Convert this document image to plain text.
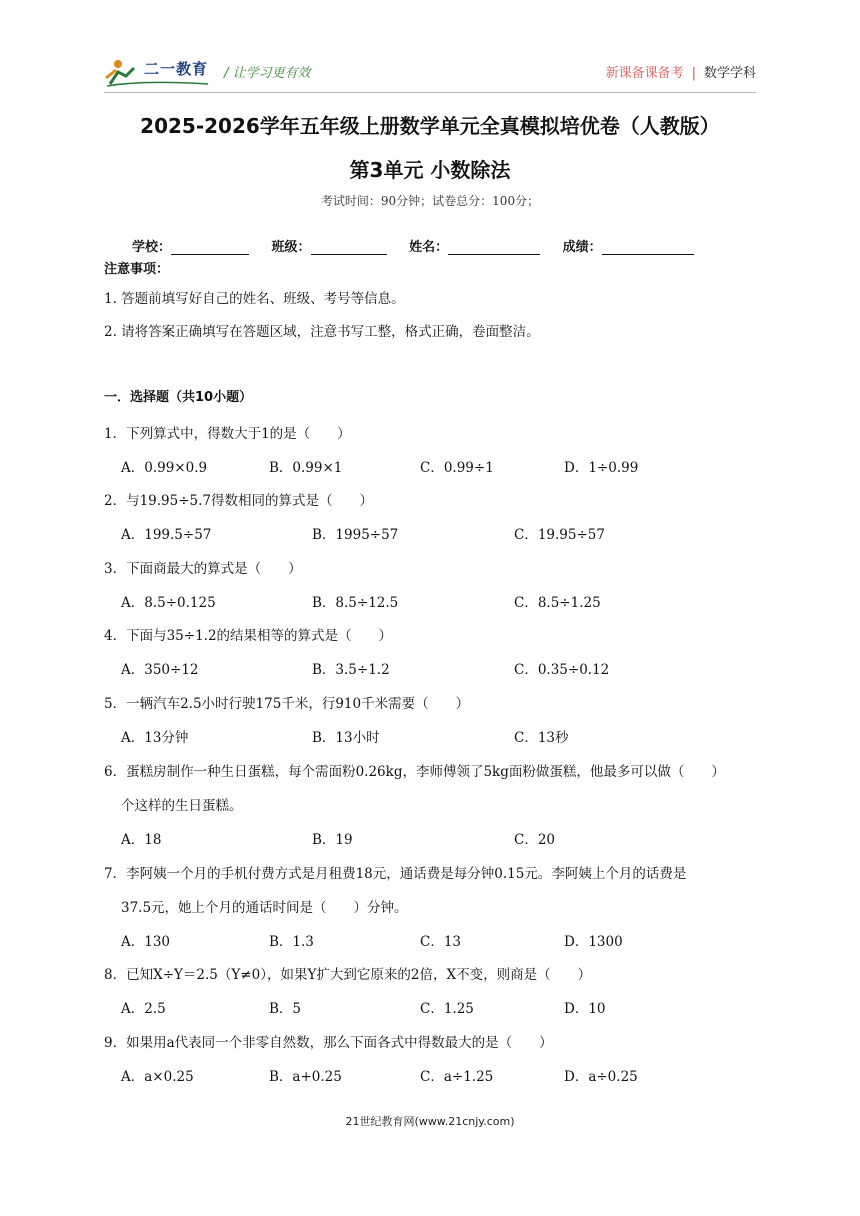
二一教育 / 让学习更有效	新课备课备考 | 数学学科
2025-2026学年五年级上册数学单元全真模拟培优卷（人教版）
第3单元 小数除法
考试时间：90分钟；试卷总分：100分；
学校：	班级：	姓名：	成绩：
注意事项：
1. 答题前填写好自己的姓名、班级、考号等信息。
2. 请将答案正确填写在答题区域，注意书写工整，格式正确，卷面整洁。
一．选择题（共10小题）
1．下列算式中，得数大于1的是（　　）
A．0.99×0.9	B．0.99×1	C．0.99÷1	D．1÷0.99
2．与19.95÷5.7得数相同的算式是（　　）
A．199.5÷57	B．1995÷57	C．19.95÷57
3．下面商最大的算式是（　　）
A．8.5÷0.125	B．8.5÷12.5	C．8.5÷1.25
4．下面与35÷1.2的结果相等的算式是（　　）
A．350÷12	B．3.5÷1.2	C．0.35÷0.12
5．一辆汽车2.5小时行驶175千米，行910千米需要（　　）
A．13分钟	B．13小时	C．13秒
6．蛋糕房制作一种生日蛋糕，每个需面粉0.26kg，李师傅领了5kg面粉做蛋糕，他最多可以做（　　）
个这样的生日蛋糕。
A．18	B．19	C．20
7．李阿姨一个月的手机付费方式是月租费18元，通话费是每分钟0.15元。李阿姨上个月的话费是
37.5元，她上个月的通话时间是（　　）分钟。
A．130	B．1.3	C．13	D．1300
8．已知X÷Y＝2.5（Y≠0），如果Y扩大到它原来的2倍，X不变，则商是（　　）
A．2.5	B．5	C．1.25	D．10
9．如果用a代表同一个非零自然数，那么下面各式中得数最大的是（　　）
A．a×0.25	B．a+0.25	C．a÷1.25	D．a÷0.25
21世纪教育网(www.21cnjy.com)
